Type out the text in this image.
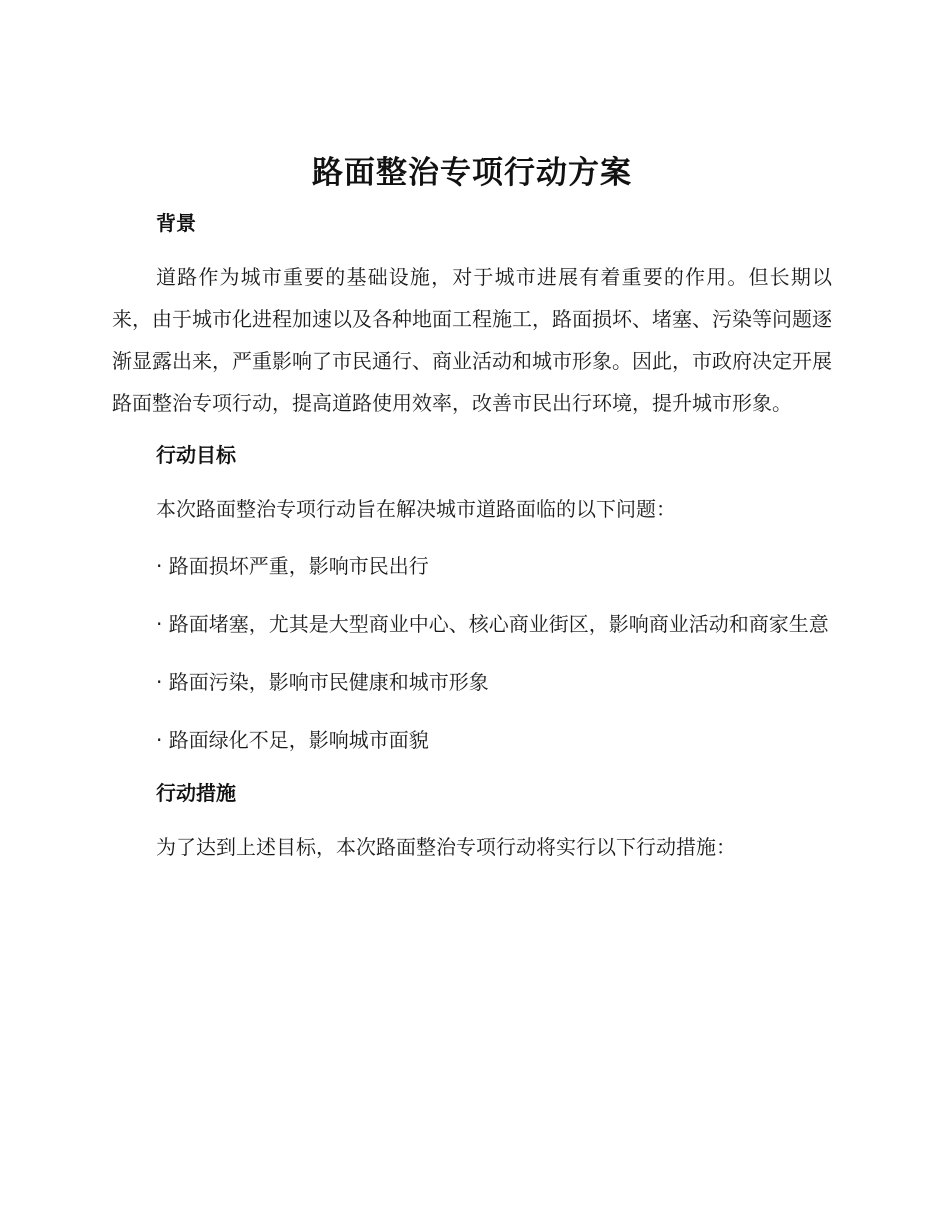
路面整治专项行动方案
背景

道路作为城市重要的基础设施，对于城市进展有着重要的作用。但长期以来，由于城市化进程加速以及各种地面工程施工，路面损坏、堵塞、污染等问题逐渐显露出来，严重影响了市民通行、商业活动和城市形象。因此，市政府决定开展路面整治专项行动，提高道路使用效率，改善市民出行环境，提升城市形象。

行动目标

本次路面整治专项行动旨在解决城市道路面临的以下问题：

· 路面损坏严重，影响市民出行

· 路面堵塞，尤其是大型商业中心、核心商业街区，影响商业活动和商家生意

· 路面污染，影响市民健康和城市形象

· 路面绿化不足，影响城市面貌

行动措施

为了达到上述目标，本次路面整治专项行动将实行以下行动措施：
